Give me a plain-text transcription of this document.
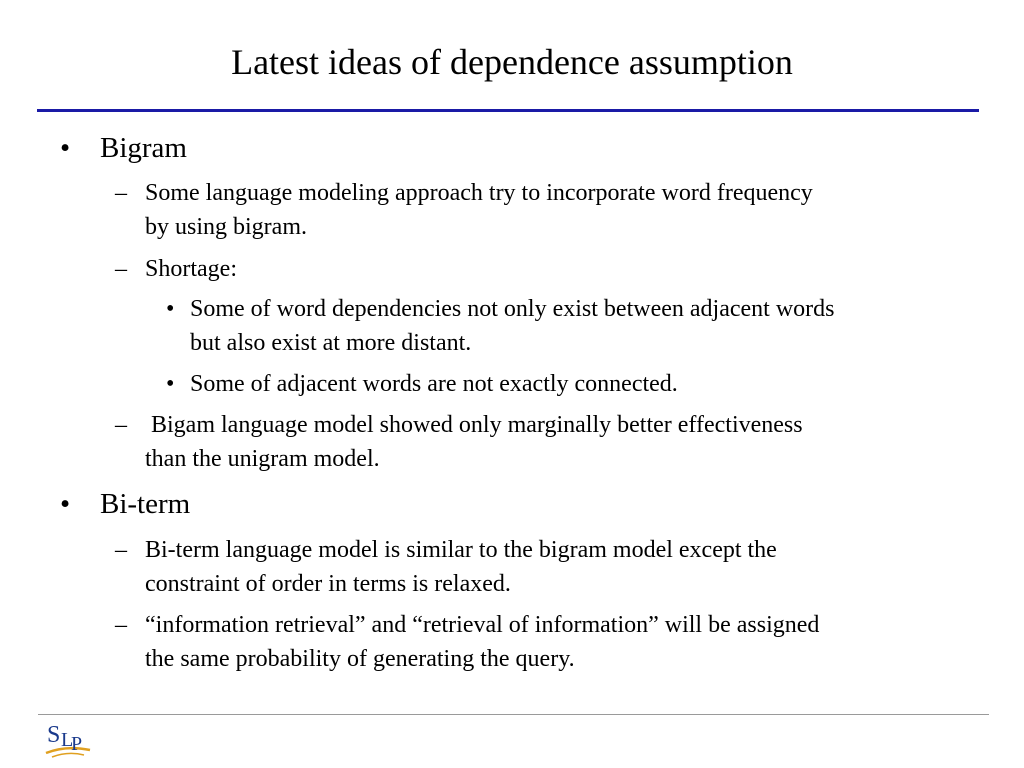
Latest ideas of dependence assumption
• Bigram
– Some language modeling approach try to incorporate word frequency
by using bigram.
– Shortage:
• Some of word dependencies not only exist between adjacent words
but also exist at more distant.
• Some of adjacent words are not exactly connected.
– Bigam language model showed only marginally better effectiveness
than the unigram model.
• Bi-term
– Bi-term language model is similar to the bigram model except the
constraint of order in terms is relaxed.
– “information retrieval” and “retrieval of information” will be assigned
the same probability of generating the query.
S L
P
